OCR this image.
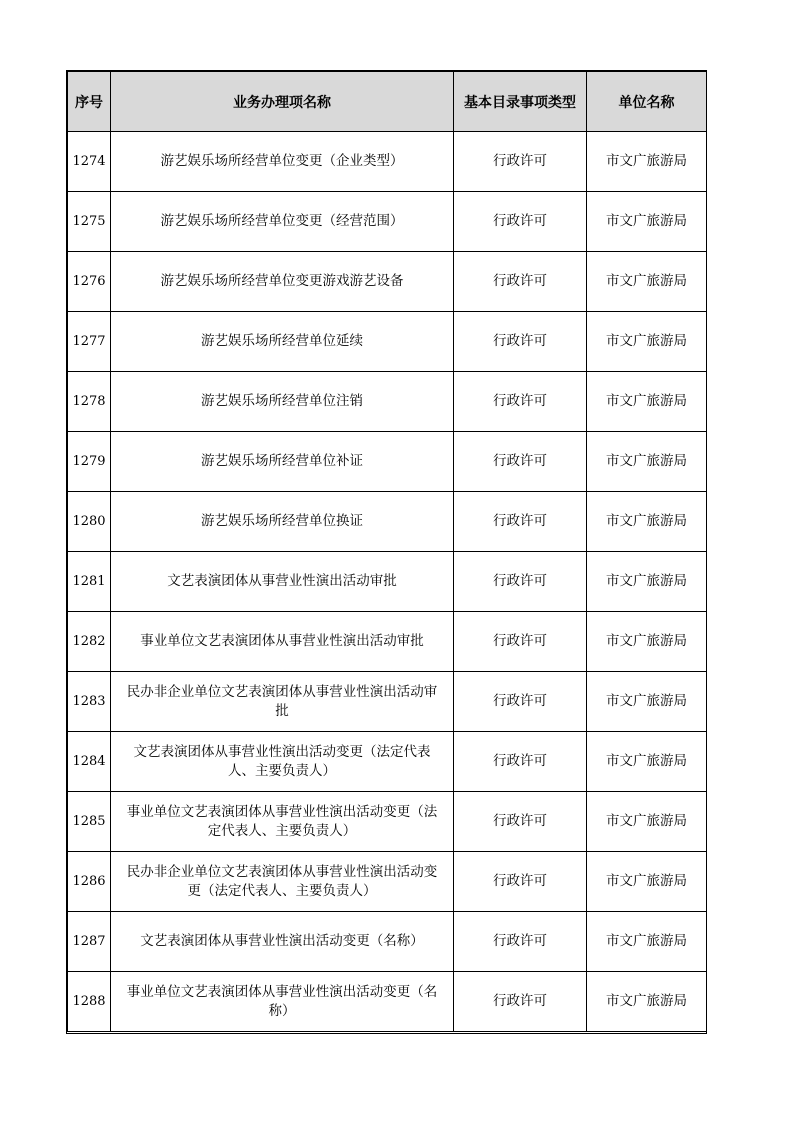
序号	业务办理项名称	基本目录事项类型	单位名称
1274	游艺娱乐场所经营单位变更（企业类型）	行政许可	市文广旅游局
1275	游艺娱乐场所经营单位变更（经营范围）	行政许可	市文广旅游局
1276	游艺娱乐场所经营单位变更游戏游艺设备	行政许可	市文广旅游局
1277	游艺娱乐场所经营单位延续	行政许可	市文广旅游局
1278	游艺娱乐场所经营单位注销	行政许可	市文广旅游局
1279	游艺娱乐场所经营单位补证	行政许可	市文广旅游局
1280	游艺娱乐场所经营单位换证	行政许可	市文广旅游局
1281	文艺表演团体从事营业性演出活动审批	行政许可	市文广旅游局
1282	事业单位文艺表演团体从事营业性演出活动审批	行政许可	市文广旅游局
1283	民办非企业单位文艺表演团体从事营业性演出活动审批	行政许可	市文广旅游局
1284	文艺表演团体从事营业性演出活动变更（法定代表人、主要负责人）	行政许可	市文广旅游局
1285	事业单位文艺表演团体从事营业性演出活动变更（法定代表人、主要负责人）	行政许可	市文广旅游局
1286	民办非企业单位文艺表演团体从事营业性演出活动变更（法定代表人、主要负责人）	行政许可	市文广旅游局
1287	文艺表演团体从事营业性演出活动变更（名称）	行政许可	市文广旅游局
1288	事业单位文艺表演团体从事营业性演出活动变更（名称）	行政许可	市文广旅游局
